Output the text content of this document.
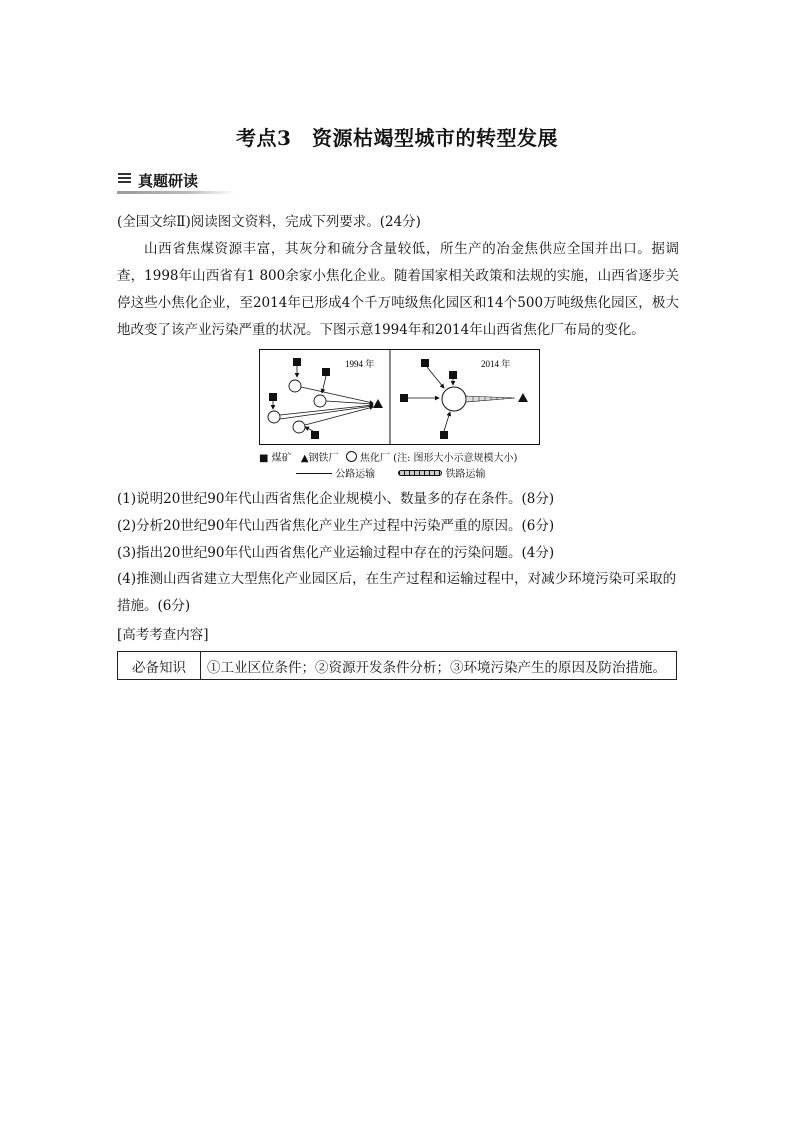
考点3　资源枯竭型城市的转型发展
真题研读
(全国文综Ⅱ)阅读图文资料，完成下列要求。(24分)
山西省焦煤资源丰富，其灰分和硫分含量较低，所生产的冶金焦供应全国并出口。据调查，1998年山西省有1 800余家小焦化企业。随着国家相关政策和法规的实施，山西省逐步关停这些小焦化企业，至2014年已形成4个千万吨级焦化园区和14个500万吨级焦化园区，极大地改变了该产业污染严重的状况。下图示意1994年和2014年山西省焦化厂布局的变化。
1994 年	2014 年
■ 煤矿 ▲钢铁厂 焦化厂 (注: 图形大小示意规模大小)
公路运输	铁路运输
(1)说明20世纪90年代山西省焦化企业规模小、数量多的存在条件。(8分)
(2)分析20世纪90年代山西省焦化产业生产过程中污染严重的原因。(6分)
(3)指出20世纪90年代山西省焦化产业运输过程中存在的污染问题。(4分)
(4)推测山西省建立大型焦化产业园区后，在生产过程和运输过程中，对减少环境污染可采取的措施。(6分)
[高考考查内容]
必备知识	①工业区位条件；②资源开发条件分析；③环境污染产生的原因及防治措施。
